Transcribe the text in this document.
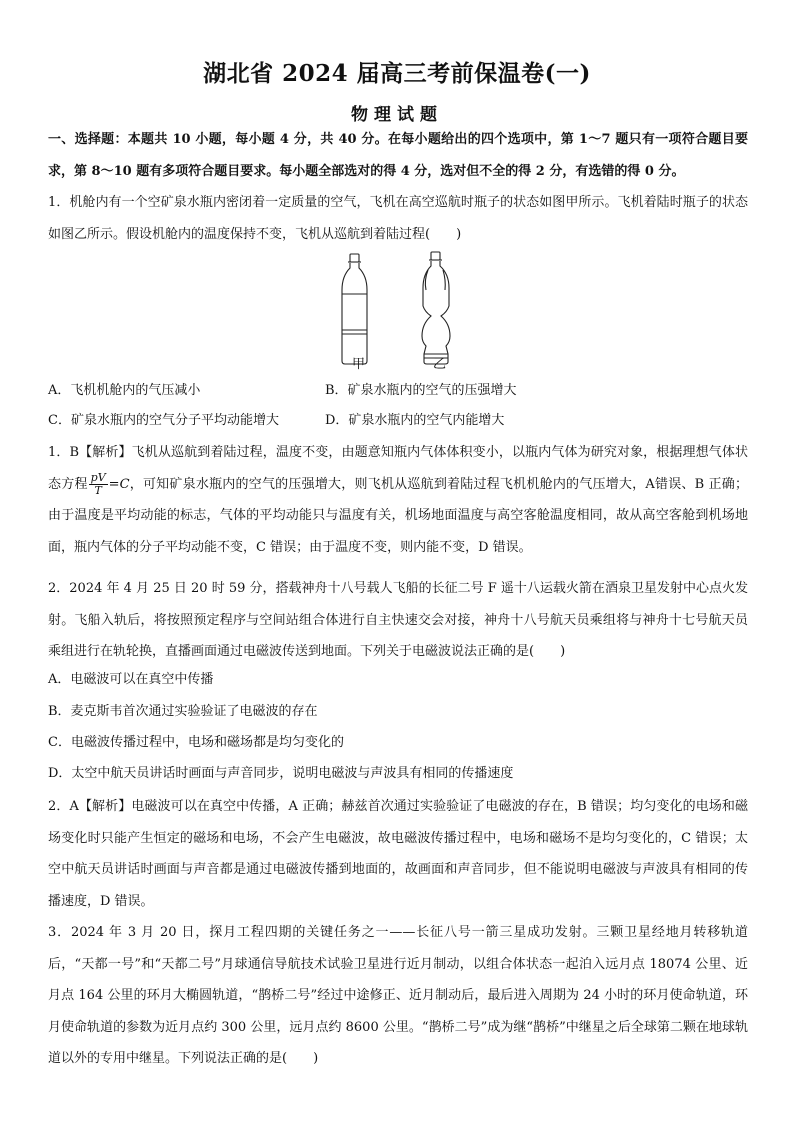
湖北省 2024 届高三考前保温卷(一)
物理试题
一、选择题：本题共 10 小题，每小题 4 分，共 40 分。在每小题给出的四个选项中，第 1～7 题只有一项符合题目要求，第 8～10 题有多项符合题目要求。每小题全部选对的得 4 分，选对但不全的得 2 分，有选错的得 0 分。
1．机舱内有一个空矿泉水瓶内密闭着一定质量的空气，飞机在高空巡航时瓶子的状态如图甲所示。飞机着陆时瓶子的状态如图乙所示。假设机舱内的温度保持不变，飞机从巡航到着陆过程(　　)
甲	乙
A．飞机机舱内的气压减小	B．矿泉水瓶内的空气的压强增大
C．矿泉水瓶内的空气分子平均动能增大	D．矿泉水瓶内的空气内能增大
1．B【解析】飞机从巡航到着陆过程，温度不变，由题意知瓶内气体体积变小，以瓶内气体为研究对象，根据理想气体状态方程 $\frac{pV}{T} =C$，可知矿泉水瓶内的空气的压强增大，则飞机从巡航到着陆过程飞机机舱内的气压增大，A错误、B 正确；由于温度是平均动能的标志，气体的平均动能只与温度有关，机场地面温度与高空客舱温度相同，故从高空客舱到机场地面，瓶内气体的分子平均动能不变，C 错误；由于温度不变，则内能不变，D 错误。
2．2024 年 4 月 25 日 20 时 59 分，搭载神舟十八号载人飞船的长征二号 F 遥十八运载火箭在酒泉卫星发射中心点火发射。飞船入轨后，将按照预定程序与空间站组合体进行自主快速交会对接，神舟十八号航天员乘组将与神舟十七号航天员乘组进行在轨轮换，直播画面通过电磁波传送到地面。下列关于电磁波说法正确的是(　　)
A．电磁波可以在真空中传播
B．麦克斯韦首次通过实验验证了电磁波的存在
C．电磁波传播过程中，电场和磁场都是均匀变化的
D．太空中航天员讲话时画面与声音同步，说明电磁波与声波具有相同的传播速度
2．A【解析】电磁波可以在真空中传播，A 正确；赫兹首次通过实验验证了电磁波的存在，B 错误；均匀变化的电场和磁场变化时只能产生恒定的磁场和电场，不会产生电磁波，故电磁波传播过程中，电场和磁场不是均匀变化的，C 错误；太空中航天员讲话时画面与声音都是通过电磁波传播到地面的，故画面和声音同步，但不能说明电磁波与声波具有相同的传播速度，D 错误。
3．2024 年 3 月 20 日，探月工程四期的关键任务之一——长征八号一箭三星成功发射。三颗卫星经地月转移轨道后，“天都一号”和“天都二号”月球通信导航技术试验卫星进行近月制动，以组合体状态一起泊入远月点 18074 公里、近月点 164 公里的环月大椭圆轨道，“鹊桥二号”经过中途修正、近月制动后，最后进入周期为 24 小时的环月使命轨道，环月使命轨道的参数为近月点约 300 公里，远月点约 8600 公里。“鹊桥二号”成为继“鹊桥”中继星之后全球第二颗在地球轨道以外的专用中继星。下列说法正确的是(　　)
